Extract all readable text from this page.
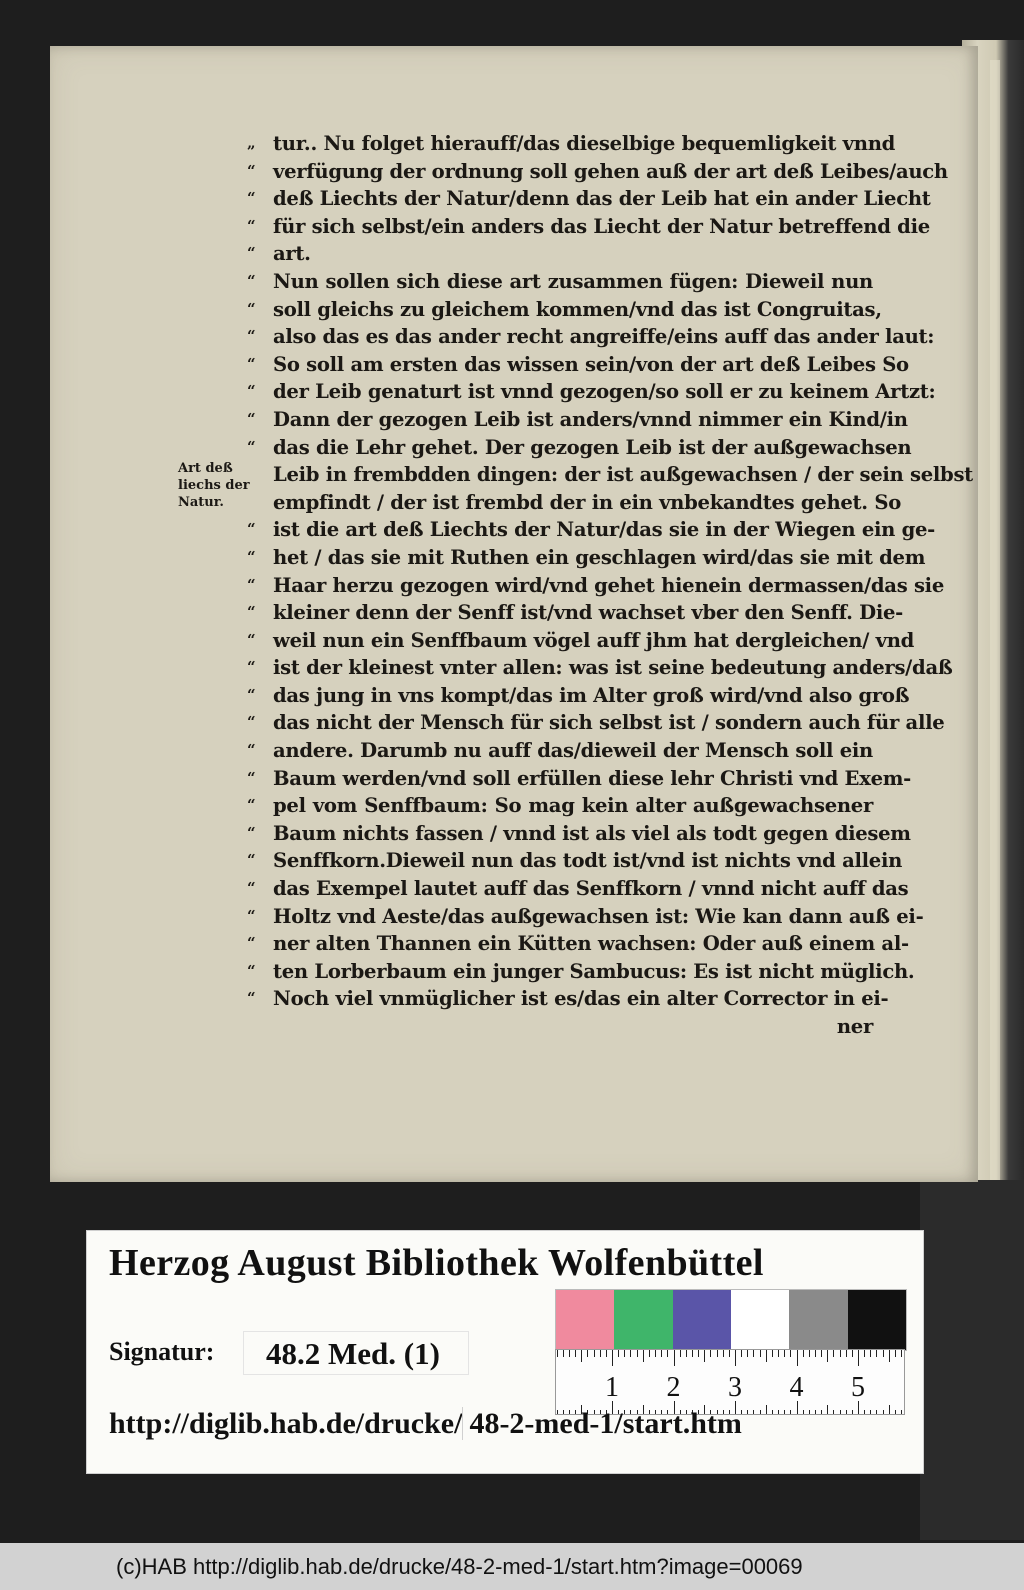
„ tur.. Nu folget hierauff/das dieselbige bequemligkeit vnnd
“ verfügung der ordnung soll gehen auß der art deß Leibes/auch
“ deß Liechts der Natur/denn das der Leib hat ein ander Liecht
“ für sich selbst/ein anders das Liecht der Natur betreffend die
“ art.
“ Nun sollen sich diese art zusammen fügen: Dieweil nun
“ soll gleichs zu gleichem kommen/vnd das ist Congruitas,
“ also das es das ander recht angreiffe/eins auff das ander laut:
“ So soll am ersten das wissen sein/von der art deß Leibes So
“ der Leib genaturt ist vnnd gezogen/so soll er zu keinem Artzt:
“ Dann der gezogen Leib ist anders/vnnd nimmer ein Kind/in
“ das die Lehr gehet. Der gezogen Leib ist der außgewachsen
Leib in frembdden dingen: der ist außgewachsen / der sein selbst
empfindt / der ist frembd der in ein vnbekandtes gehet. So
“ ist die art deß Liechts der Natur/das sie in der Wiegen ein ge-
“ het / das sie mit Ruthen ein geschlagen wird/das sie mit dem
“ Haar herzu gezogen wird/vnd gehet hienein dermassen/das sie
“ kleiner denn der Senff ist/vnd wachset vber den Senff. Die-
“ weil nun ein Senffbaum vögel auff jhm hat dergleichen/ vnd
“ ist der kleinest vnter allen: was ist seine bedeutung anders/daß
“ das jung in vns kompt/das im Alter groß wird/vnd also groß
“ das nicht der Mensch für sich selbst ist / sondern auch für alle
“ andere. Darumb nu auff das/dieweil der Mensch soll ein
“ Baum werden/vnd soll erfüllen diese lehr Christi vnd Exem-
“ pel vom Senffbaum: So mag kein alter außgewachsener
“ Baum nichts fassen / vnnd ist als viel als todt gegen diesem
“ Senffkorn.Dieweil nun das todt ist/vnd ist nichts vnd allein
“ das Exempel lautet auff das Senffkorn / vnnd nicht auff das
“ Holtz vnd Aeste/das außgewachsen ist: Wie kan dann auß ei-
“ ner alten Thannen ein Kütten wachsen: Oder auß einem al-
“ ten Lorberbaum ein junger Sambucus: Es ist nicht müglich.
“ Noch viel vnmüglicher ist es/das ein alter Corrector in ei-
ner
Art deß
liechs der
Natur.
Herzog August Bibliothek Wolfenbüttel
1 2 3 4 5
Signatur:	48.2 Med. (1)
http://diglib.hab.de/drucke/ 48-2-med-1/start.htm
(c)HAB http://diglib.hab.de/drucke/48-2-med-1/start.htm?image=00069
